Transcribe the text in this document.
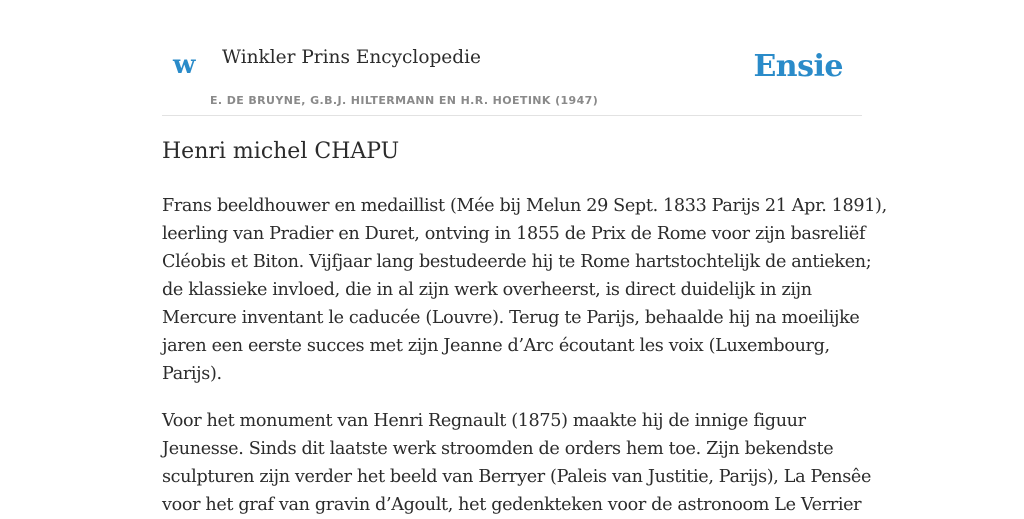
w Winkler Prins Encyclopedie
E. DE BRUYNE, G.B.J. HILTERMANN EN H.R. HOETINK (1947)
Ensie
Henri michel CHAPU

Frans beeldhouwer en medaillist (Mée bij Melun 29 Sept. 1833 Parijs 21 Apr. 1891),
leerling van Pradier en Duret, ontving in 1855 de Prix de Rome voor zijn basreliëf
Cléobis et Biton. Vijfjaar lang bestudeerde hij te Rome hartstochtelijk de antieken;
de klassieke invloed, die in al zijn werk overheerst, is direct duidelijk in zijn
Mercure inventant le caducée (Louvre). Terug te Parijs, behaalde hij na moeilijke
jaren een eerste succes met zijn Jeanne d’Arc écoutant les voix (Luxembourg,
Parijs).

Voor het monument van Henri Regnault (1875) maakte hij de innige figuur
Jeunesse. Sinds dit laatste werk stroomden de orders hem toe. Zijn bekendste
sculpturen zijn verder het beeld van Berryer (Paleis van Justitie, Parijs), La Pensêe
voor het graf van gravin d’Agoult, het gedenkteken voor de astronoom Le Verrier
